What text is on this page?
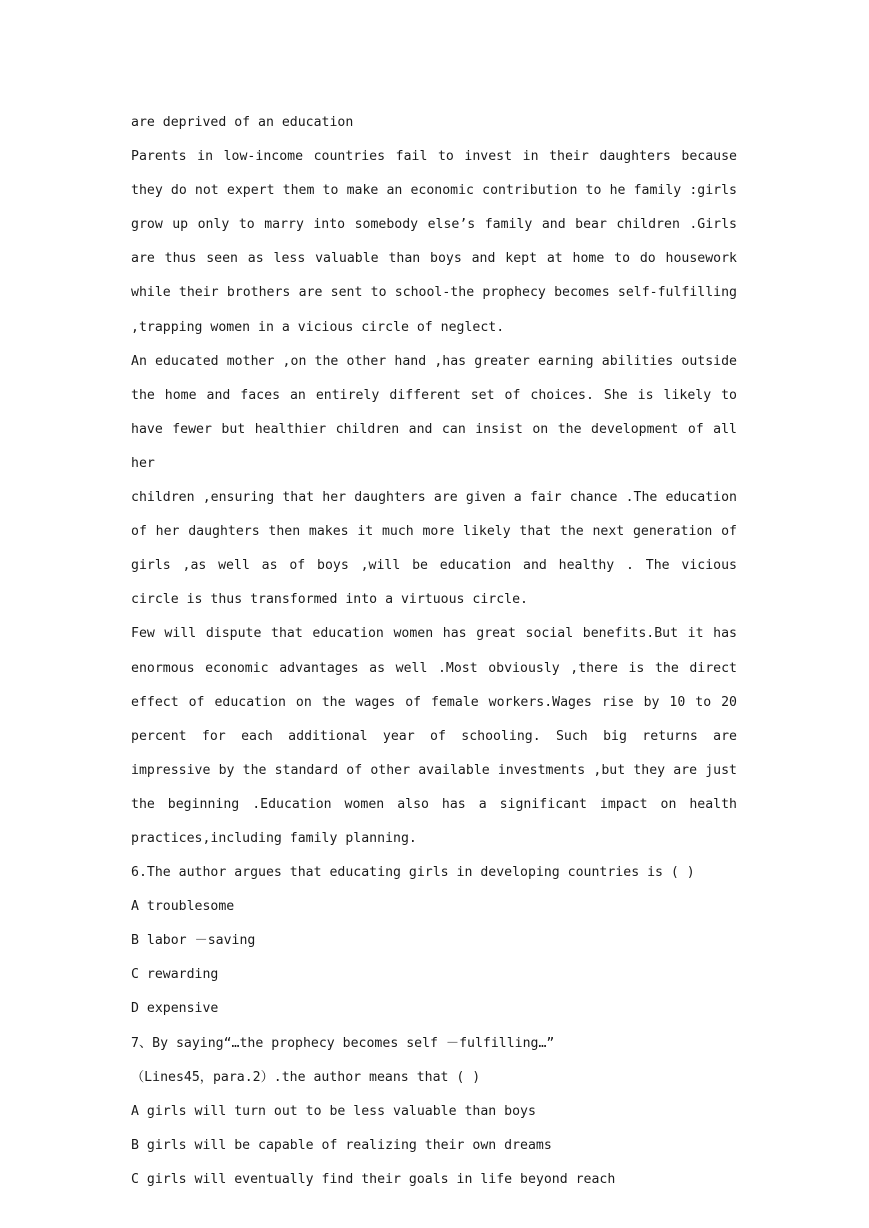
are deprived of an education

Parents in low-income countries fail to invest in their daughters because they do not expert them to make an economic contribution to he family :girls grow up only to marry into somebody else’s family and bear children .Girls are thus seen as less valuable than boys and kept at home to do housework while their brothers are sent to school-the prophecy becomes self-fulfilling ,trapping women in a vicious circle of neglect.

An educated mother ,on the other hand ,has greater earning abilities outside the home and faces an entirely different set of choices. She is likely to have fewer but healthier children and can insist on the development of all her

children ,ensuring that her daughters are given a fair chance .The education of her daughters then makes it much more likely that the next generation of girls ,as well as of boys ,will be education and healthy . The vicious circle is thus transformed into a virtuous circle.

Few will dispute that education women has great social benefits.But it has enormous economic advantages as well .Most obviously ,there is the direct effect of education on the wages of female workers.Wages rise by 10 to 20 percent for each additional year of schooling. Such big returns are impressive by the standard of other available investments ,but they are just the beginning .Education women also has a significant impact on health practices,including family planning.

6.The author argues that educating girls in developing countries is ( )

A troublesome

B labor －saving

C rewarding

D expensive

7、By saying“…the prophecy becomes self －fulfilling…”

（Lines45，para.2）.the author means that ( )

A girls will turn out to be less valuable than boys

B girls will be capable of realizing their own dreams

C girls will eventually find their goals in life beyond reach
